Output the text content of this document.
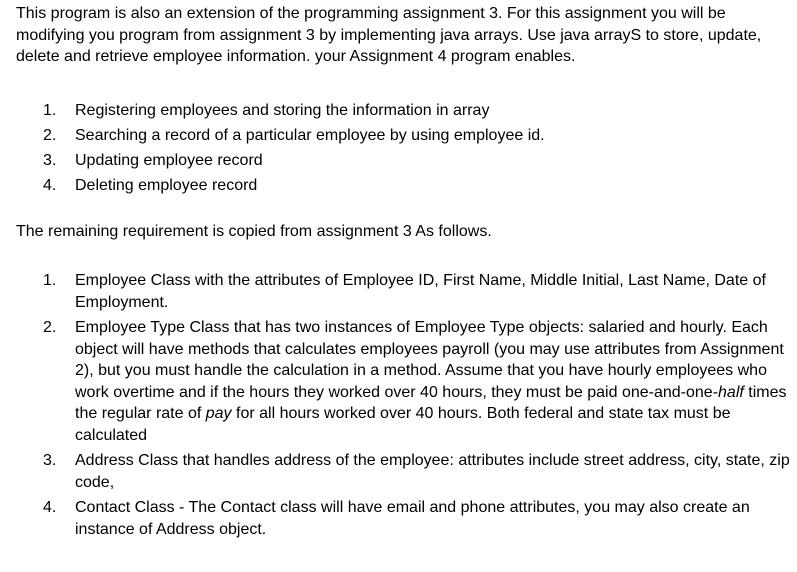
This program is also an extension of the programming assignment 3. For this assignment you will be modifying you program from assignment 3 by implementing java arrays. Use java arrayS to store, update, delete and retrieve employee information. your Assignment 4 program enables.

1.	Registering employees and storing the information in array
2.	Searching a record of a particular employee by using employee id.
3.	Updating employee record
4.	Deleting employee record

The remaining requirement is copied from assignment 3 As follows.

1.	Employee Class with the attributes of Employee ID, First Name, Middle Initial, Last Name, Date of Employment.
2.	Employee Type Class that has two instances of Employee Type objects: salaried and hourly. Each object will have methods that calculates employees payroll (you may use attributes from Assignment 2), but you must handle the calculation in a method. Assume that you have hourly employees who work overtime and if the hours they worked over 40 hours, they must be paid one-and-one-half times the regular rate of pay for all hours worked over 40 hours. Both federal and state tax must be calculated
3.	Address Class that handles address of the employee: attributes include street address, city, state, zip code,
4.	Contact Class - The Contact class will have email and phone attributes, you may also create an instance of Address object.
